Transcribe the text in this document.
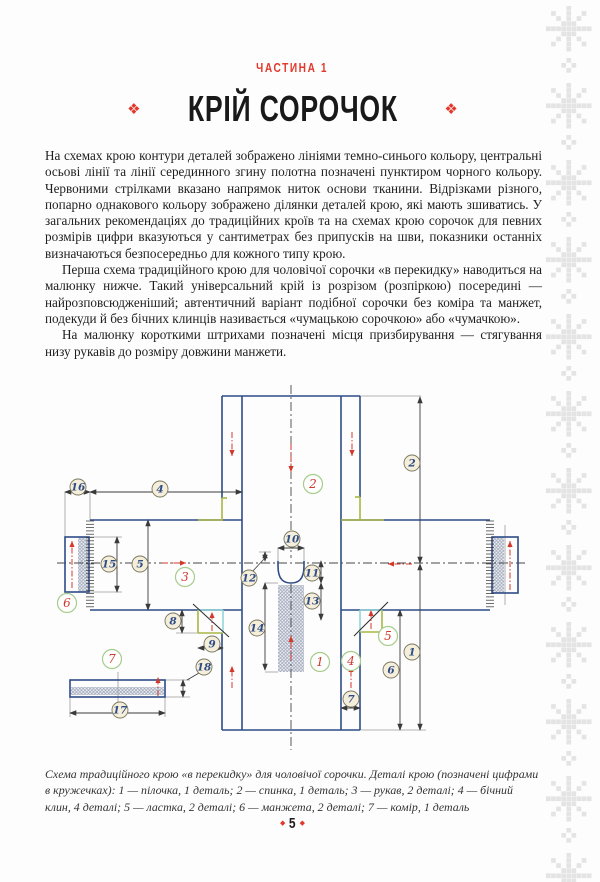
ЧАСТИНА 1
❖ КРІЙ СОРОЧОК	❖

На схемах крою контури деталей зображено лініями темно-синього кольору, центральні осьові лінії та лінії серединного згину полотна позначені пунктиром чорного кольору. Червоними стрілками вказано напрямок ниток основи тканини. Відрізками різного, попарно однакового кольору зображено ділянки деталей крою, які мають зшиватись. У загальних рекомендаціях до традиційних кроїв та на схемах крою сорочок для певних розмірів цифри вказуються у сантиметрах без припусків на шви, показники останніх визначаються безпосередньо для кожного типу крою.

Перша схема традиційного крою для чоловічої сорочки «в перекидку» наводиться на малюнку нижче. Такий універсальний крій із розрізом (розпіркою) посередині — найрозповсюдженіший; автентичний варіант подібної сорочки без коміра та манжет, подекуди й без бічних клинців називається «чумацькою сорочкою» або «чумачкою».

На малюнку короткими штрихами позначені місця призбирування — стягування низу рукавів до розміру довжини манжети.

16	4
15 5
2
1
6
7
10
11
12
13
14
8
9
17
18	1
2
3
4
5
6
7
Схема традиційного крою «в перекидку» для чоловічої сорочки. Деталі крою (позначені цифрами в кружечках): 1 — пілочка, 1 деталь; 2 — спинка, 1 деталь; 3 — рукав, 2 деталі; 4 — бічний клин, 4 деталі; 5 — ластка, 2 деталі; 6 — манжета, 2 деталі; 7 — комір, 1 деталь
◆ 5 ◆
